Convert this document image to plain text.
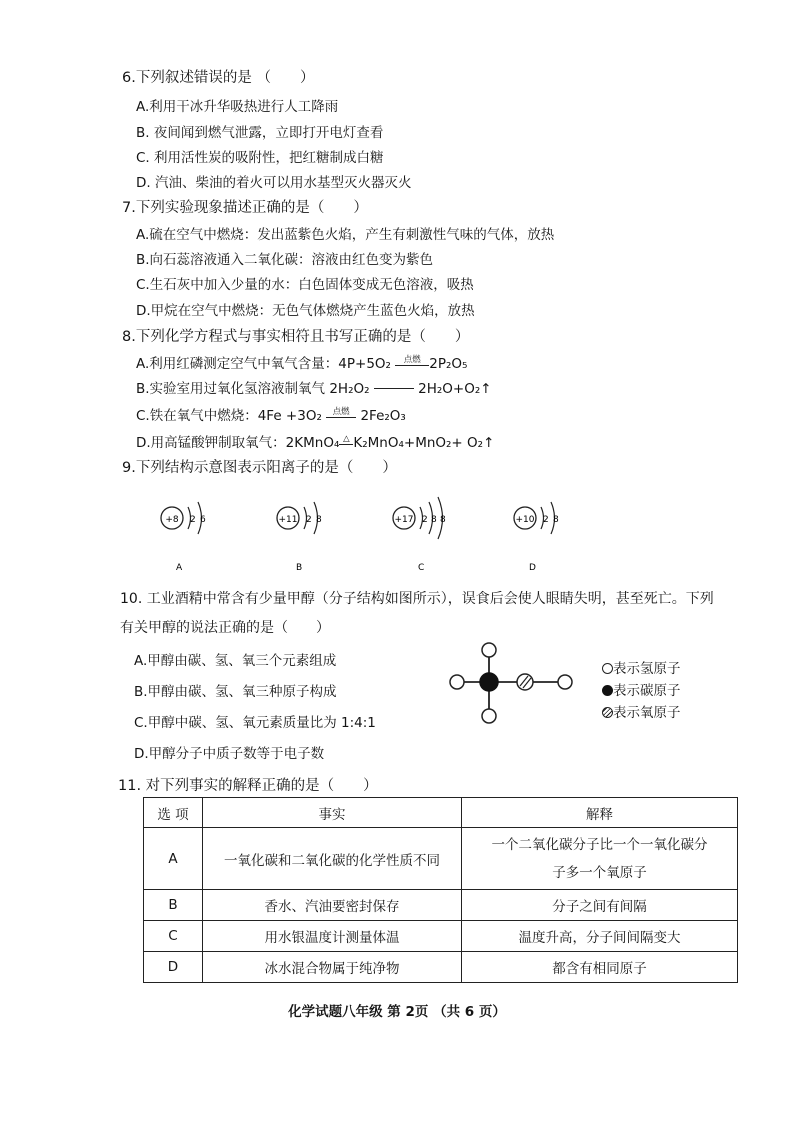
6.下列叙述错误的是 （　　）
A.利用干冰升华吸热进行人工降雨
B. 夜间闻到燃气泄露，立即打开电灯查看
C. 利用活性炭的吸附性，把红糖制成白糖
D. 汽油、柴油的着火可以用水基型灭火器灭火
7.下列实验现象描述正确的是（　　）
A.硫在空气中燃烧：发出蓝紫色火焰，产生有刺激性气味的气体，放热
B.向石蕊溶液通入二氧化碳：溶液由红色变为紫色
C.生石灰中加入少量的水：白色固体变成无色溶液，吸热
D.甲烷在空气中燃烧：无色气体燃烧产生蓝色火焰，放热
8.下列化学方程式与事实相符且书写正确的是（　　）
A.利用红磷测定空气中氧气含量：4P+5O₂ 点燃 2P₂O₅
B.实验室用过氧化氢溶液制氧气 2H₂O₂	2H₂O+O₂↑
C.铁在氧气中燃烧：4Fe +3O₂ 点燃 2Fe₂O₃
D.用高锰酸钾制取氧气：2KMnO₄ △ K₂MnO₄+MnO₂+ O₂↑
9.下列结构示意图表示阳离子的是（　　）
+8 2 6
A
+11 2 8
B
+17 2 8 8
C
+10 2 8
D
10. 工业酒精中常含有少量甲醇（分子结构如图所示），误食后会使人眼睛失明，甚至死亡。下列
有关甲醇的说法正确的是（　　）
A.甲醇由碳、氢、氧三个元素组成
B.甲醇由碳、氢、氧三种原子构成
C.甲醇中碳、氢、氧元素质量比为 1:4:1
D.甲醇分子中质子数等于电子数
表示氢原子
表示碳原子
表示氧原子
11. 对下列事实的解释正确的是（　　）
选 项	事实	解释
A	一氧化碳和二氧化碳的化学性质不同	一个二氧化碳分子比一个一氧化碳分
子多一个氧原子

B	香水、汽油要密封保存	分子之间有间隔
C	用水银温度计测量体温	温度升高，分子间间隔变大
D	冰水混合物属于纯净物	都含有相同原子
化学试题八年级 第 2页 （共 6 页）
